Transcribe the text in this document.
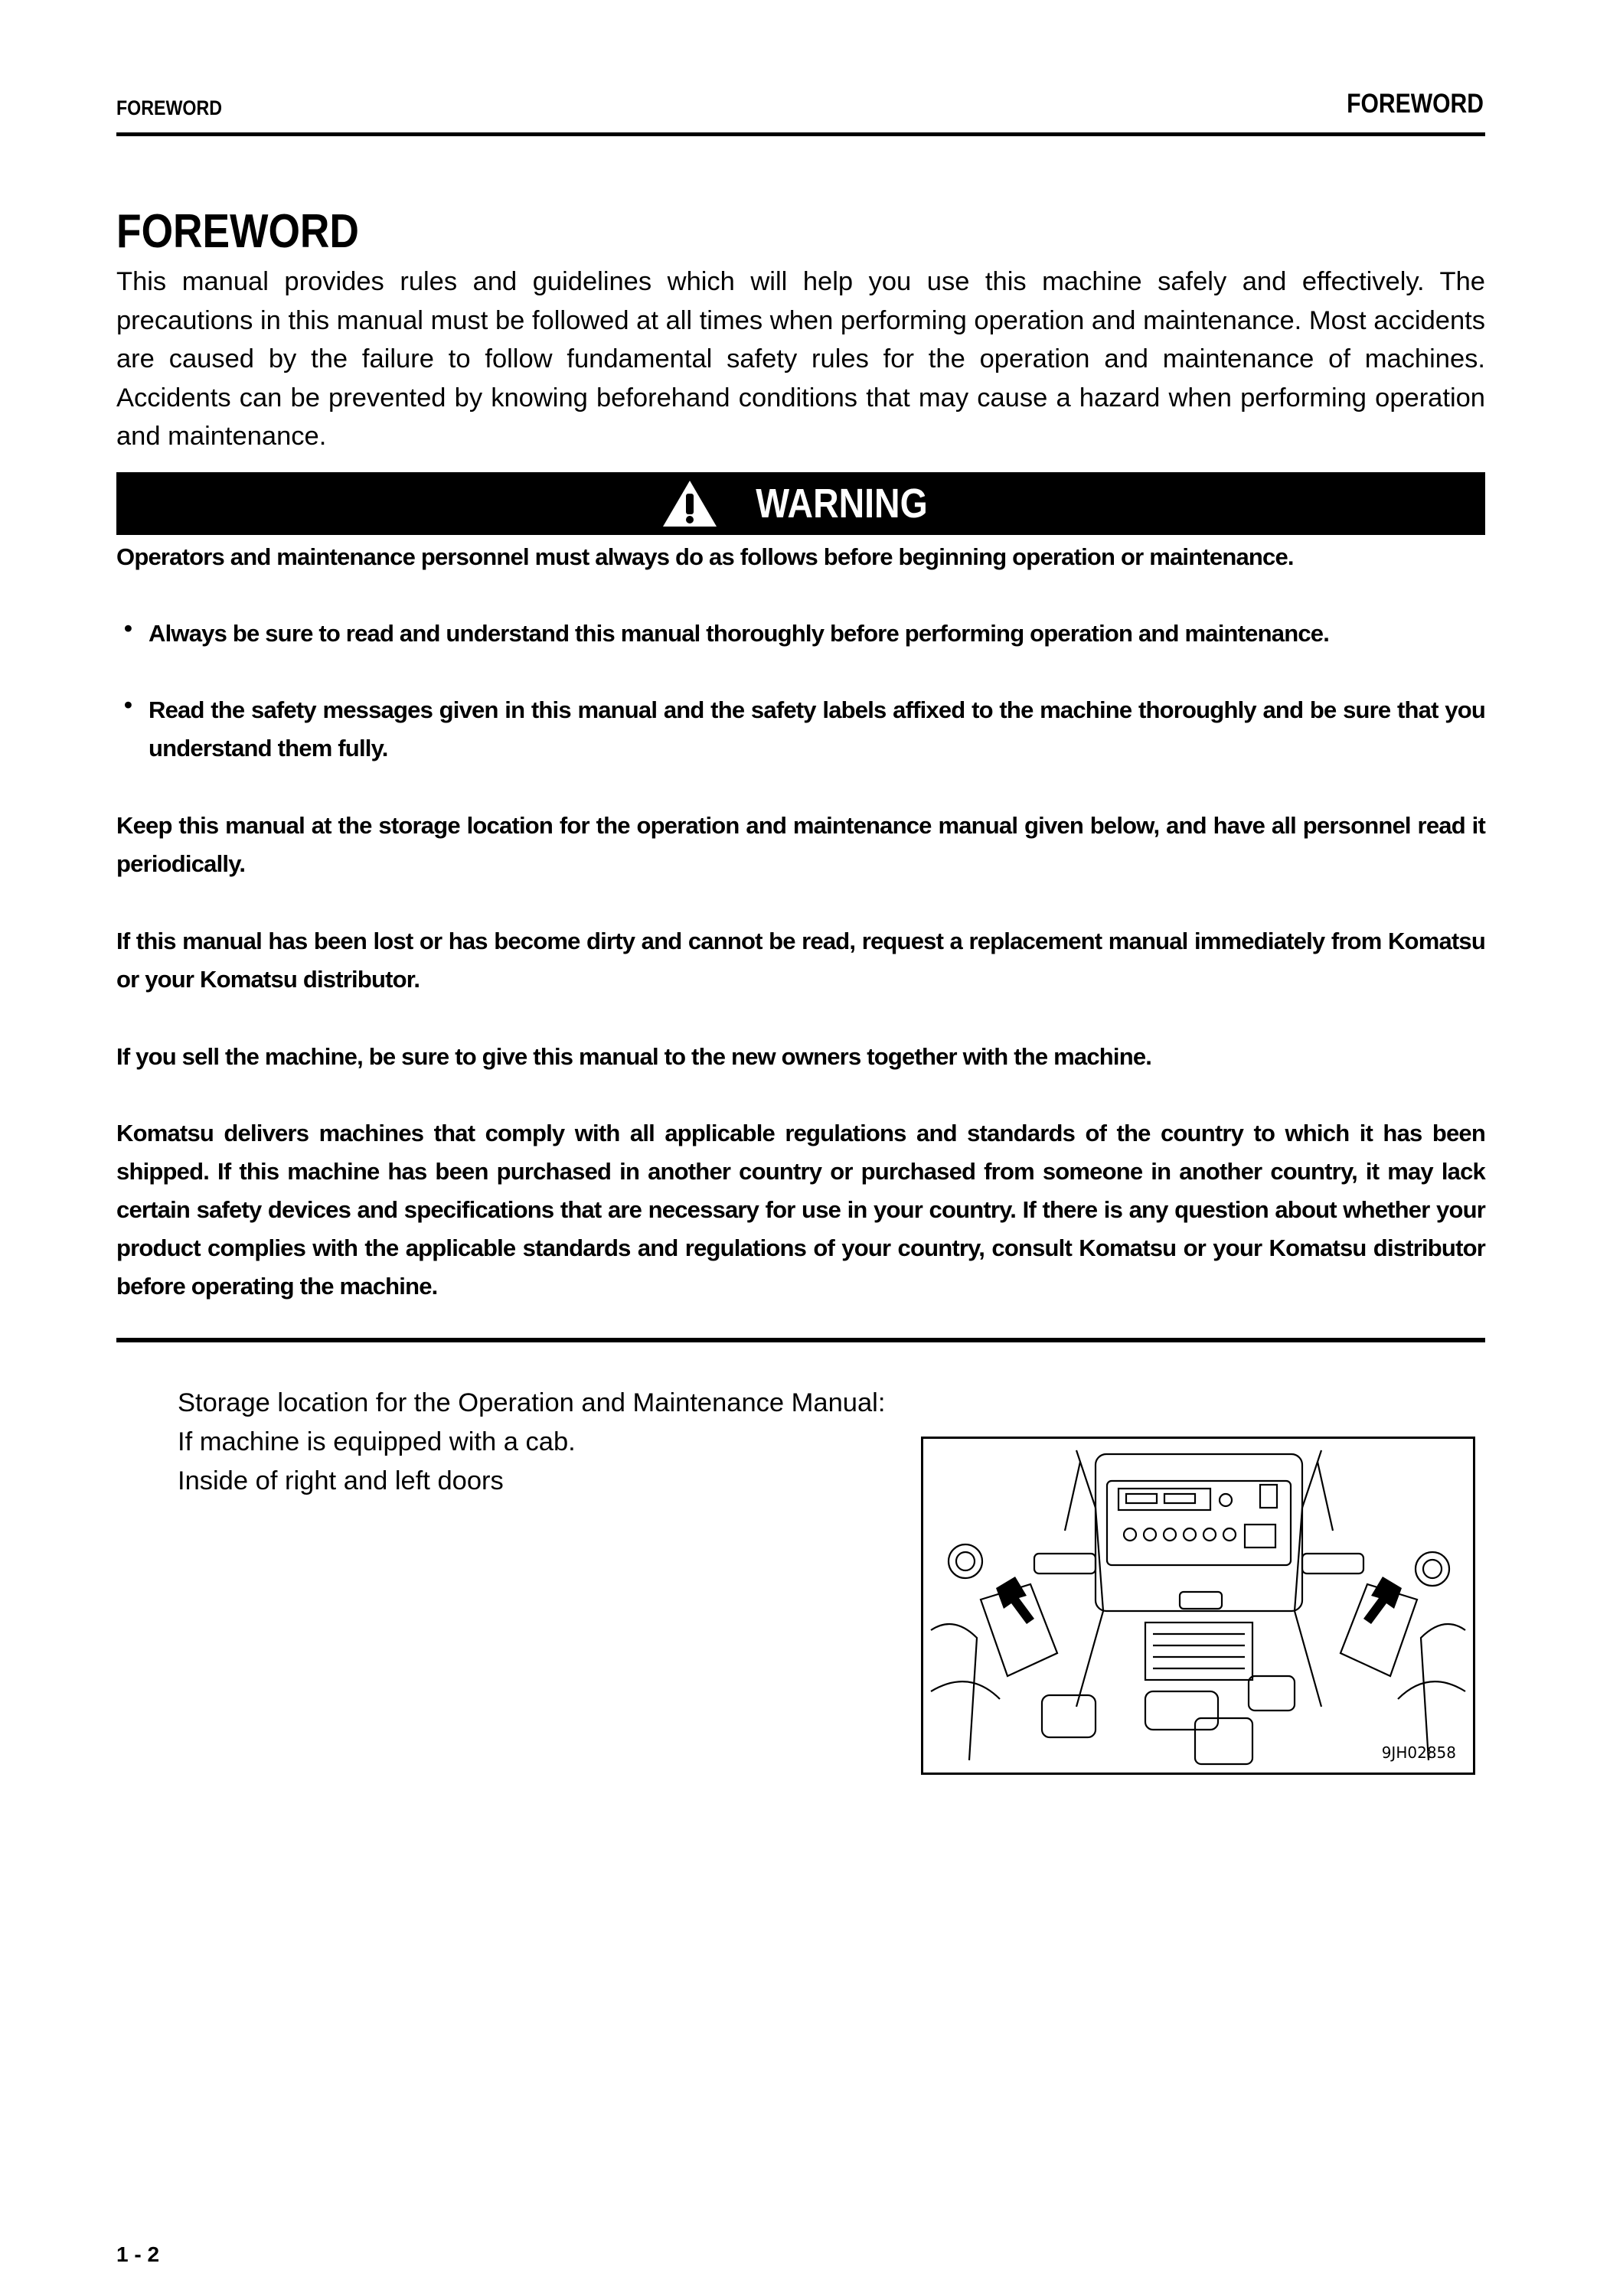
FOREWORD	FOREWORD
FOREWORD

This manual provides rules and guidelines which will help you use this machine safely and effectively. The precautions in this manual must be followed at all times when performing operation and maintenance. Most accidents are caused by the failure to follow fundamental safety rules for the operation and maintenance of machines. Accidents can be prevented by knowing beforehand conditions that may cause a hazard when performing operation and maintenance.

WARNING

Operators and maintenance personnel must always do as follows before beginning operation or maintenance.

• Always be sure to read and understand this manual thoroughly before performing operation and maintenance.

• Read the safety messages given in this manual and the safety labels affixed to the machine thoroughly and be sure that you understand them fully.

Keep this manual at the storage location for the operation and maintenance manual given below, and have all personnel read it periodically.

If this manual has been lost or has become dirty and cannot be read, request a replacement manual immediately from Komatsu or your Komatsu distributor.

If you sell the machine, be sure to give this manual to the new owners together with the machine.

Komatsu delivers machines that comply with all applicable regulations and standards of the country to which it has been shipped. If this machine has been purchased in another country or purchased from someone in another country, it may lack certain safety devices and specifications that are necessary for use in your country. If there is any question about whether your product complies with the applicable standards and regulations of your country, consult Komatsu or your Komatsu distributor before operating the machine.

Storage location for the Operation and Maintenance Manual:
If machine is equipped with a cab.
Inside of right and left doors
9JH02858
1 - 2
